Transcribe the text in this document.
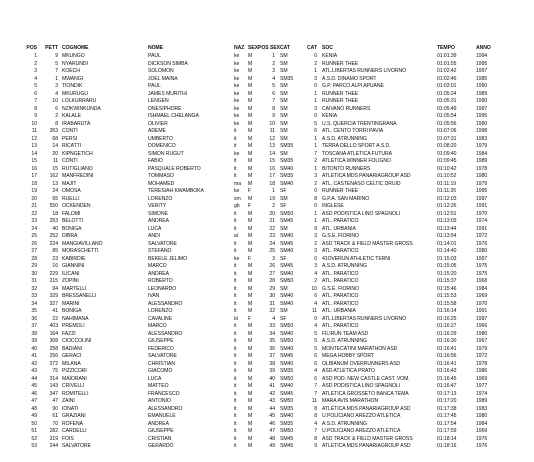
POS	PETT COGNOME	NOME	NAZ SEX POS SEX CAT	CAT SOC	TEMPO	ANNO
1	9 MKUNGO	PAUL	ke	M	1 SM	0 KENIA	01:01:39	1994
2	5 NYARUNDI	DICKSON SIMBA	ke	M	2 SM	2 RUNNER THEE	01:01:55	1995
3	7 KOECH	SOLOMON	ke	M	3 SM	1 ATL.LIBERTAS RUNNERS LIVORNO	01:02:42	1997
4	1 MWANGI	JOEL MAINA	ke	M	4 SM35	3 A.S.D. DINAMO SPORT	01:02:46	1985
5	3 TIONDIK	PAUL	ke	M	5 SM	0 G.P. PARCO ALPI APUANE	01:03:01	1990
6	4 MKURUGU	JAMES MURITHI	ke	M	6 SM	1 RUNNER THEE	01:05:24	1989
7	10 LOLKURRARU	LENGEN	ke	M	7 SM	1 RUNNER THEE	01:05:31	1990
8	6 NZIKWINKUNDA	ONESIPHORE	ke	M	8 SM	3 CAIVANO RUNNERS	01:05:49	1997
9	2 KALALE	ISHMAEL CHELANGA	ke	M	9 SM	0 KENIA	01:05:54	1995
10	8 IRABARUTA	OLIVIER	ke	M	10 SM	5 U.S. QUERCIA TRENTINGRANA	01:05:56	1990
11	353 CONTI	ADEME	it	M	11 SM	6 ATL. CENTO TORRI PAVIA	01:07:06	1998
12	68 PERSI	UMBERTO	it	M	12 SM	1 A.S.D. ATRUNNING	01:07:31	1983
13	14 RICATTI	DOMENICO	it	M	13 SM35	1 TERRA DELLO SPORT A.S.D.	01:08:20	1979
14	20 KIPNGETICH	SIMON RUGUT	ke	M	14 SM	7 TOSCANA ATLETICA FUTURA	01:09:40	1984
15	11 CONTI	FABIO	it	M	15 SM35	2 ATLETICA WINNER FOLIGNO	01:09:45	1989
16	15 RUTIGLIANO	PASQUALE ROBERTO	it	M	16 SM40	1 BITONTO RUNNERS	01:10:42	1978
17	162 MANFREDINI	TOMMASO	it	M	17 SM35	3 ATLETICA MDS PANARIAGROUP ASD	01:10:52	1980
18	13 MAJIT	MOHAMED	ma	M	18 SM40	2 ATL. CASTENASO CELTIC DRUID	01:11:19	1979
19	24 OMOSA	TERESIAH KWAMBOKA	ke	F	1 SF	0 RUNNER THEE	01:11:26	1995
20	65 RUELLI	LORENZO	sm	M	19 SM	8 G.P.A. SAN MARINO	01:12:03	1997
21	550 OCKENDEN	VERITY	gb	F	2 SF	0 INGLESE	01:12:26	1991
22	18 FALOMI	SIMONE	it	M	20 SM50	1 ASD PODISTICA LINO SPAGNOLI	01:12:51	1970
23	253 BELOTTI	ANDREA	it	M	21 SM45	1 ATL. PARATICO	01:13:03	1974
24	40 BONIGA	LUCA	it	M	22 SM	9 ATL. URBANIA	01:13:44	1991
25	252 DIBRA	ANDI	al	M	23 SM40	3 G.S.E. FIORINO	01:13:54	1972
26	224 MANGIAVILLANO	SALVATORE	it	M	24 SM45	2 ASD TRACK & FIELD MASTER GROSS	01:14:01	1976
27	85 MORASCHETTI	STEFANO	it	M	25 SM40	3 ATL. PARATICO	01:14:40	1980
28	23 KABIRDIE	BEKELE JELIMO	ke	F	3 SF	0 41OVERUN ATHLETIC TERNI	01:15:03	1997
29	16 GIANNINI	MARCO	it	M	26 SM45	3 A.S.D. ATRUNNING	01:15:05	1975
30	229 ILICANI	ANDREA	it	M	27 SM40	4 ATL. PARATICO	01:15:20	1975
31	215 ZOPINI	ROBERTO	it	M	28 SM50	2 ATL. PARATICO	01:15:37	1968
32	94 MARTELLI	LEONARDO	it	M	29 SM	10 G.S.E. FIORINO	01:15:46	1984
33	329 BRESSANELLI	IVAN	it	M	30 SM40	6 ATL. PARATICO	01:15:53	1969
34	327 MARINI	ALESSANDRO	it	M	31 SM40	4 ATL. PARATICO	01:15:58	1970
35	41 BONIGA	LORENZO	it	M	32 SM	11 ATL. URBANIA	01:16:14	1991
36	22 NAHIMANA	CAVALINE	bi	F	4 SF	0 ATL.LIBERTAS RUNNERS LIVORNO	01:16:25	1997
37	403 PREMOLI	MARCO	it	M	33 SM50	4 ATL. PARATICO	01:16:27	1966
38	164 FAZZI	ALESSANDRO	it	M	34 SM40	5 FILIRUN TEAM ASD	01:16:29	1980
39	308 CIOCCOLINI	GIUSEPPE	it	M	35 SM50	5 A.S.D. ATRUNNING	01:16:30	1967
40	258 BADIANI	FEDERICO	it	M	36 SM40	5 MONTECATINI MARATHON ASD	01:16:41	1979
41	256 GERACI	SALVATORE	it	M	37 SM45	6 MEGA HOBBY SPORT	01:16:56	1972
42	372 MILANA	CHRISTIAN	it	M	38 SM40	6 OLBIANUM OVERRUNNERS ASD	01:16:41	1978
43	75 PIZZICORI	GIACOMO	it	M	39 SM35	4 ASD ATLETICA PRATO	01:16:43	1986
44	314 MAIORANI	LUCA	it	M	40 SM50	6 ASD POD. NEW CASTLE CAST. VOM.	01:16:45	1969
45	143 CRIVELLI	MATTEO	it	M	41 SM40	7 ASD PODISTICA LINO SPAGNOLI	01:16:47	1977
46	347 ROMITELLI	FRANCESCO	it	M	42 SM45	7 ATLETICA GROSSETO BANCA TEMA	01:17:13	1974
47	47 ZAINI	ANTONIO	it	M	43 SM50	11 MARA AVIS MARATHON	01:17:20	1989
48	90 IONATI	ALESSANDRO	it	M	44 SM35	8 ATLETICA MDS PANARIAGROUP ASD	01:17:38	1983
49	61 GRAZIANI	EMANUELE	it	M	45 SM40	8 U.POLICIANO AREZZO ATLETICA	01:17:45	1980
50	70 ROFENA	ANDREA	it	M	46 SM35	4 A.S.D. ATRUNNING	01:17:54	1984
51	282 CARDELLI	GIUSEPPE	it	M	47 SM50	7 U.POLICIANO AREZZO ATLETICA	01:17:59	1969
52	319 FOIS	CRISTIAN	it	M	48 SM45	8 ASD TRACK & FIELD MASTER GROSS	01:18:14	1976
53	244 SALVATORE	GERARDO	it	M	49 SM45	9 ATLETICA MDS PANARIAGROUP ASD	01:18:16	1976
